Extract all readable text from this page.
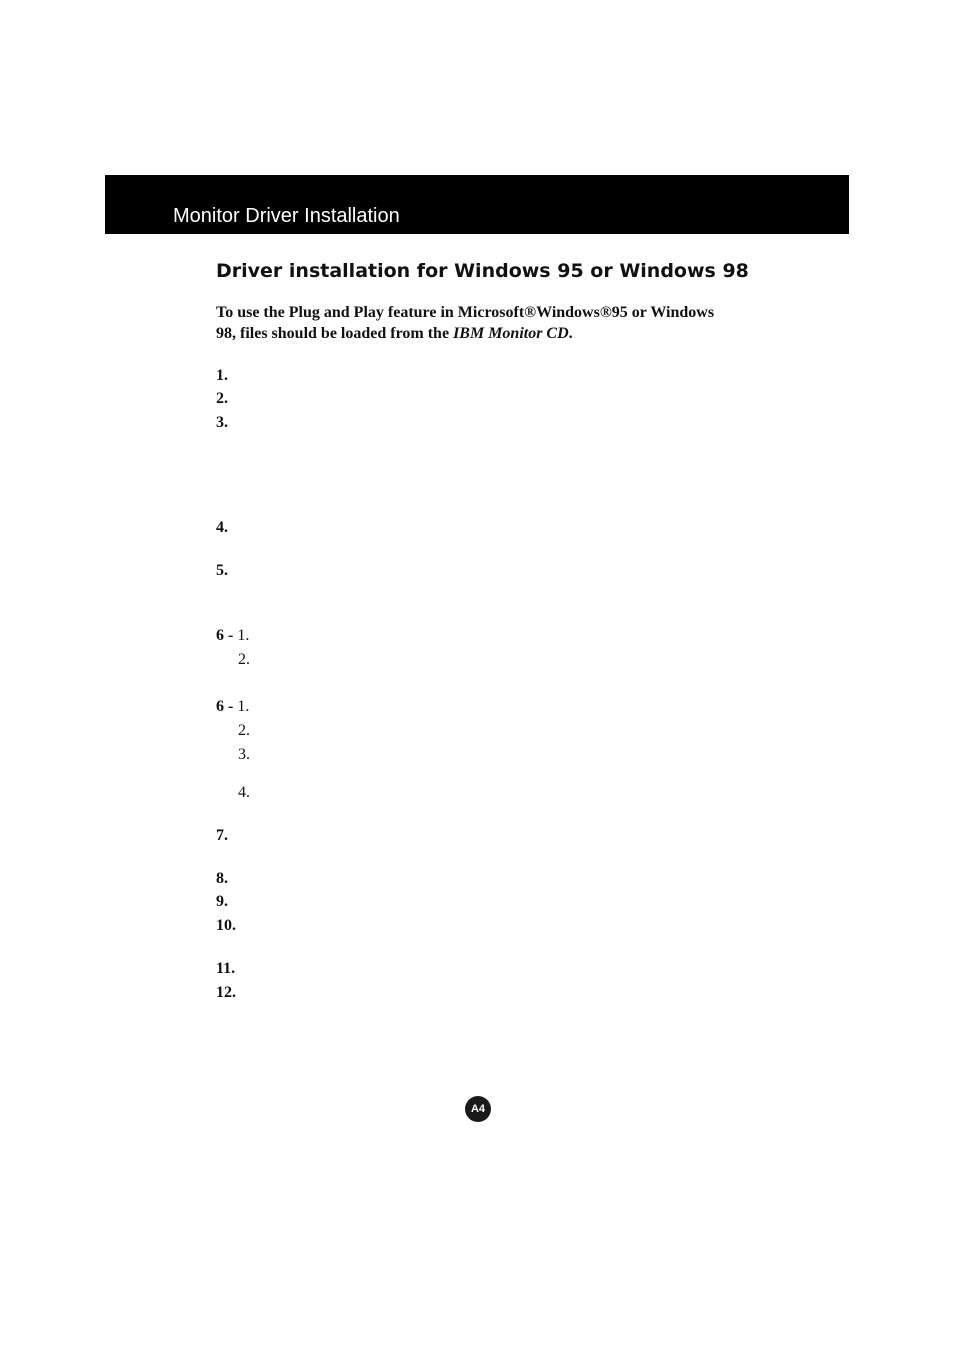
Monitor Driver Installation
Driver installation for Windows 95 or Windows 98
To use the Plug and Play feature in Microsoft®Windows®95 or Windows 98, files should be loaded from the IBM Monitor CD.
1.
2.
3.
4.
5.
6 - 1.
2.
6 - 1.
2.
3.
4.
7.
8.
9.
10.
11.
12.
A4
